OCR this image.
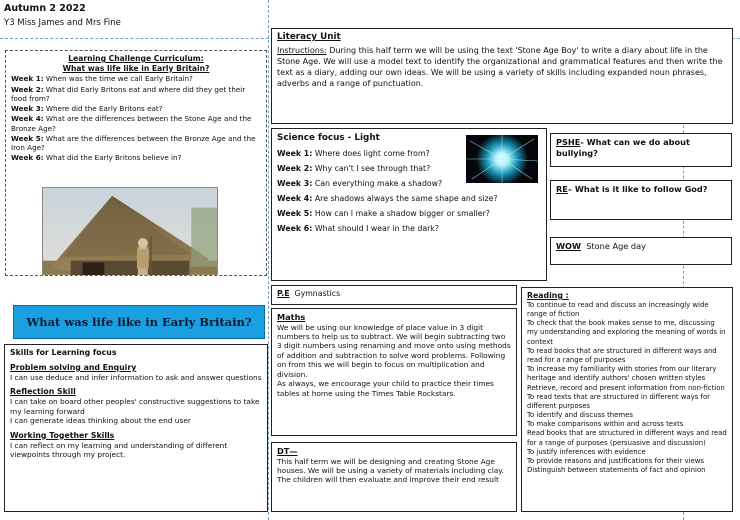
Autumn 2 2022
Y3 Miss James and Mrs Fine
Learning Challenge Curriculum:
What was life like in Early Britain?
Week 1: When was the time we call Early Britain?
Week 2: What did Early Britons eat and where did they get their food from?
Week 3: Where did the Early Britons eat?
Week 4: What are the differences between the Stone Age and the Bronze Age?
Week 5: What are the differences between the Bronze Age and the Iron Age?
Week 6: What did the Early Britons believe in?
What was life like in Early Britain?
Skills for Learning focus
Problem solving and Enquiry
I can use deduce and infer information to ask and answer questions
Reflection Skill
I can take on board other peoples' constructive suggestions to take my learning forward
I can generate ideas thinking about the end user
Working Together Skills
I can reflect on my learning and understanding of different viewpoints through my project.
Literacy Unit

Instructions: During this half term we will be using the text 'Stone Age Boy' to write a diary about life in the Stone Age. We will use a model text to identify the organizational and grammatical features and then write the text as a diary, adding our own ideas. We will be using a variety of skills including expanded noun phrases, adverbs and a range of punctuation.

Science focus - Light
Week 1: Where does light come from?
Week 2: Why can't I see through that?
Week 3: Can everything make a shadow?
Week 4: Are shadows always the same shape and size?
Week 5: How can I make a shadow bigger or smaller?
Week 6: What should I wear in the dark?
PSHE- What can we do about bullying?
RE– What is it like to follow God?
WOW Stone Age day
P.E Gymnastics
Maths
We will be using our knowledge of place value in 3 digit numbers to help us to subtract. We will begin subtracting two 3 digit numbers using renaming and move onto using methods of addition and subtraction to solve word problems. Following on from this we will begin to focus on multiplication and division.
As always, we encourage your child to practice their times tables at home using the Times Table Rockstars.
DT—
This half term we will be designing and creating Stone Age houses. We will be using a variety of materials including clay.
The children will then evaluate and improve their end result
Reading :
To continue to read and discuss an increasingly wide range of fiction
To check that the book makes sense to me, discussing my understanding and exploring the meaning of words in context
To read books that are structured in different ways and read for a range of purposes
To increase my familiarity with stories from our literary heritage and identify authors' chosen written styles
Retrieve, record and present information from non-fiction
To read texts that are structured in different ways for different purposes
To identify and discuss themes
To make comparisons within and across texts
Read books that are structured in different ways and read for a range of purposes (persuasive and discussion)
To justify inferences with evidence
To provide reasons and justifications for their views
Distinguish between statements of fact and opinion
